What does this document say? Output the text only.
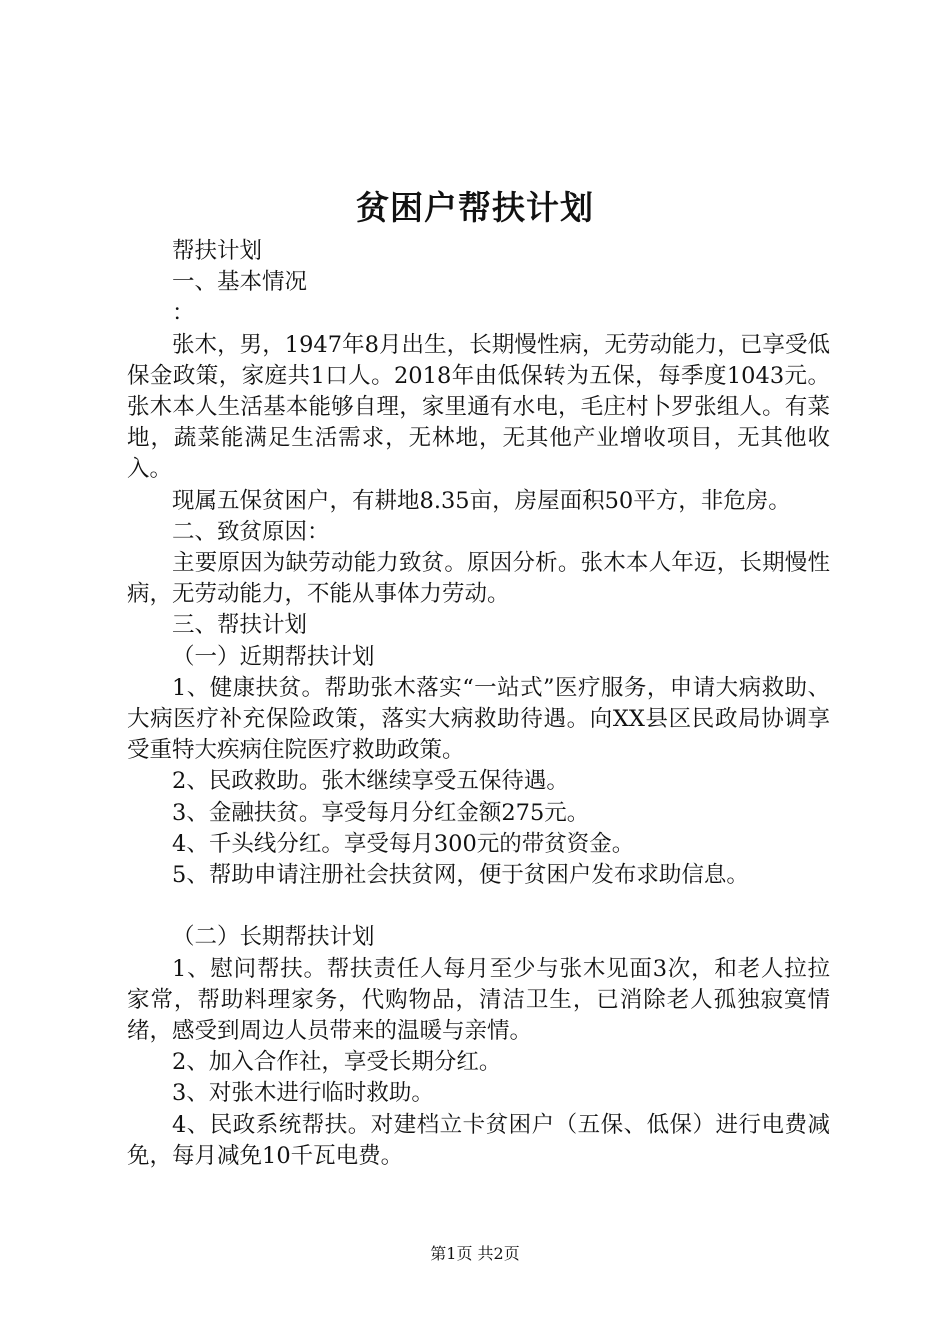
贫困户帮扶计划

帮扶计划

一、基本情况

：

张木，男，1947年8月出生，长期慢性病，无劳动能力，已享受低保金政策，家庭共1口人。2018年由低保转为五保，每季度1043元。张木本人生活基本能够自理，家里通有水电，毛庄村卜罗张组人。有菜地，蔬菜能满足生活需求，无林地，无其他产业增收项目，无其他收入。

现属五保贫困户，有耕地8.35亩，房屋面积50平方，非危房。

二、致贫原因：

主要原因为缺劳动能力致贫。原因分析。张木本人年迈，长期慢性病，无劳动能力，不能从事体力劳动。

三、帮扶计划

（一）近期帮扶计划

1、健康扶贫。帮助张木落实“一站式”医疗服务，申请大病救助、大病医疗补充保险政策，落实大病救助待遇。向XX县区民政局协调享受重特大疾病住院医疗救助政策。

2、民政救助。张木继续享受五保待遇。

3、金融扶贫。享受每月分红金额275元。

4、千头线分红。享受每月300元的带贫资金。

5、帮助申请注册社会扶贫网，便于贫困户发布求助信息。

（二）长期帮扶计划

1、慰问帮扶。帮扶责任人每月至少与张木见面3次，和老人拉拉家常，帮助料理家务，代购物品，清洁卫生，已消除老人孤独寂寞情绪，感受到周边人员带来的温暖与亲情。

2、加入合作社，享受长期分红。

3、对张木进行临时救助。

4、民政系统帮扶。对建档立卡贫困户（五保、低保）进行电费减免，每月减免10千瓦电费。

第1页 共2页
